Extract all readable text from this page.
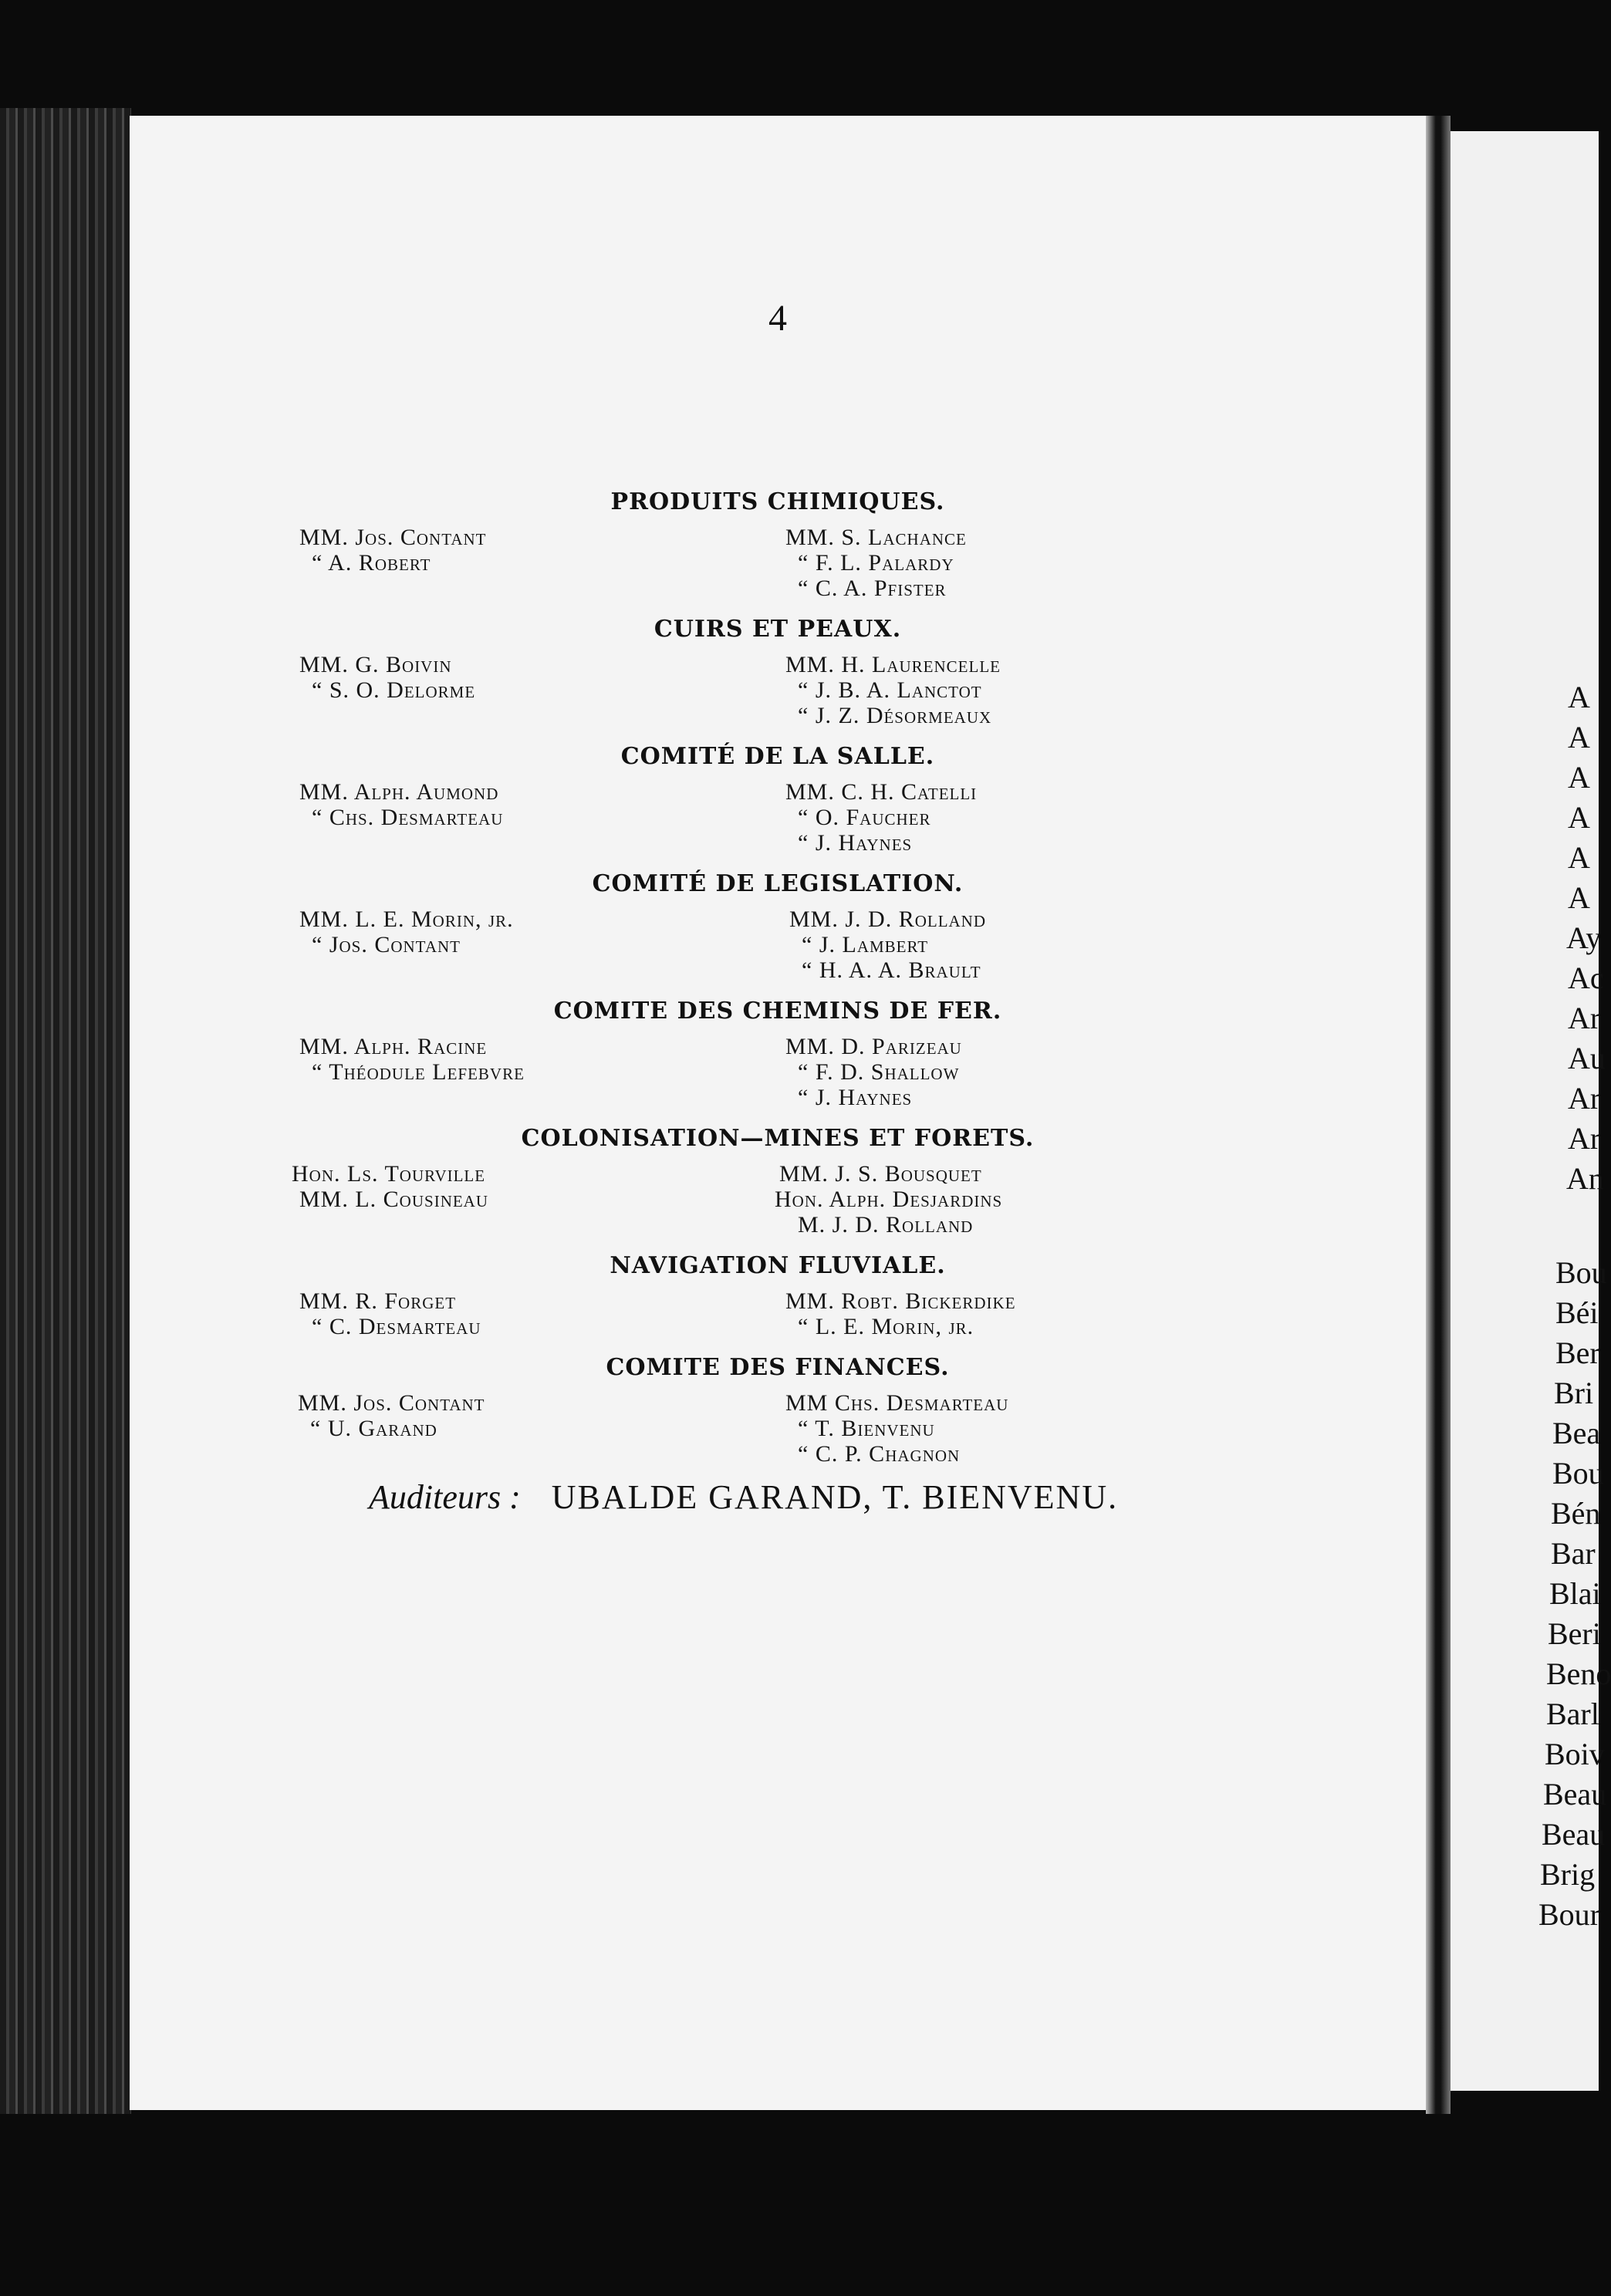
4
PRODUITS CHIMIQUES.
MM. Jos. Contant
“ A. Robert
MM. S. Lachance
“ F. L. Palardy
“ C. A. Pfister
CUIRS ET PEAUX.
MM. G. Boivin
“ S. O. Delorme
MM. H. Laurencelle
“ J. B. A. Lanctot
“ J. Z. Désormeaux
COMITÉ DE LA SALLE.
MM. Alph. Aumond
“ Chs. Desmarteau
MM. C. H. Catelli
“ O. Faucher
“ J. Haynes
COMITÉ DE LEGISLATION.
MM. L. E. Morin, jr.
“ Jos. Contant
MM. J. D. Rolland
“ J. Lambert
“ H. A. A. Brault
COMITE DES CHEMINS DE FER.
MM. Alph. Racine
“ Théodule Lefebvre
MM. D. Parizeau
“ F. D. Shallow
“ J. Haynes
COLONISATION—MINES ET FORETS.
Hon. Ls. Tourville
MM. L. Cousineau
MM. J. S. Bousquet
Hon. Alph. Desjardins
M. J. D. Rolland
NAVIGATION FLUVIALE.
MM. R. Forget
“ C. Desmarteau
MM. Robt. Bickerdike
“ L. E. Morin, jr.
COMITE DES FINANCES.
MM. Jos. Contant
“ U. Garand
MM Chs. Desmarteau
“ T. Bienvenu
“ C. P. Chagnon
Auditeurs : UBALDE GARAND, T. BIENVENU.
A
A
A
A
A
A
Ay
Ac
Ar
Au
Ar
Ar
An
Bou
Béi
Ber
Bri
Bea
Bou
Bén
Bar
Blai
Beri
Beno
Barl
Boiv
Beau
Beau
Brig
Bour
